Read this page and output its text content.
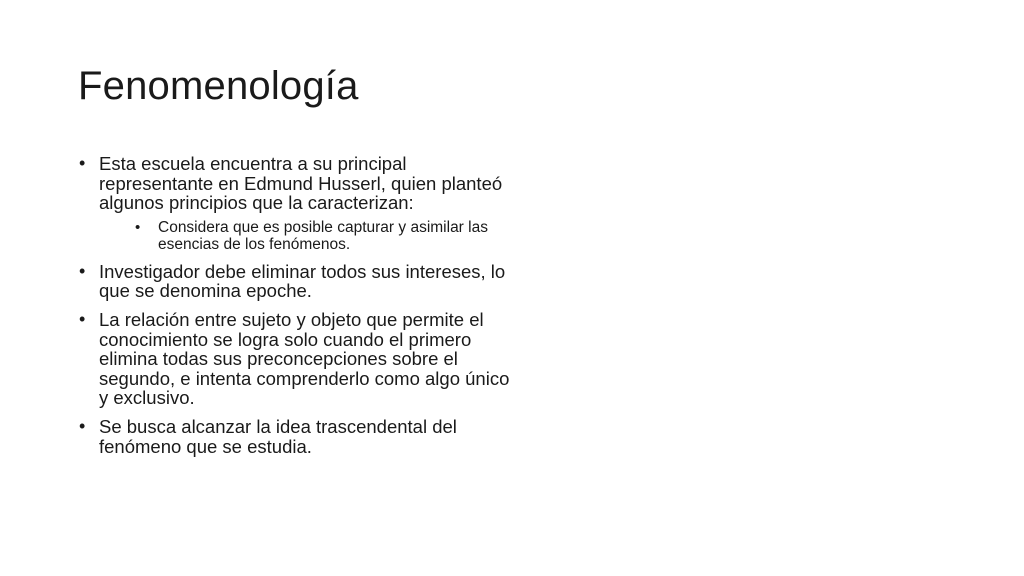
Fenomenología
• Esta escuela encuentra a su principal representante en Edmund Husserl, quien planteó algunos principios que la caracterizan:
• Considera que es posible capturar y asimilar las esencias de los fenómenos.
• Investigador debe eliminar todos sus intereses, lo que se denomina epoche.
• La relación entre sujeto y objeto que permite el conocimiento se logra solo cuando el primero elimina todas sus preconcepciones sobre el segundo, e intenta comprenderlo como algo único y exclusivo.
• Se busca alcanzar la idea trascendental del fenómeno que se estudia.
